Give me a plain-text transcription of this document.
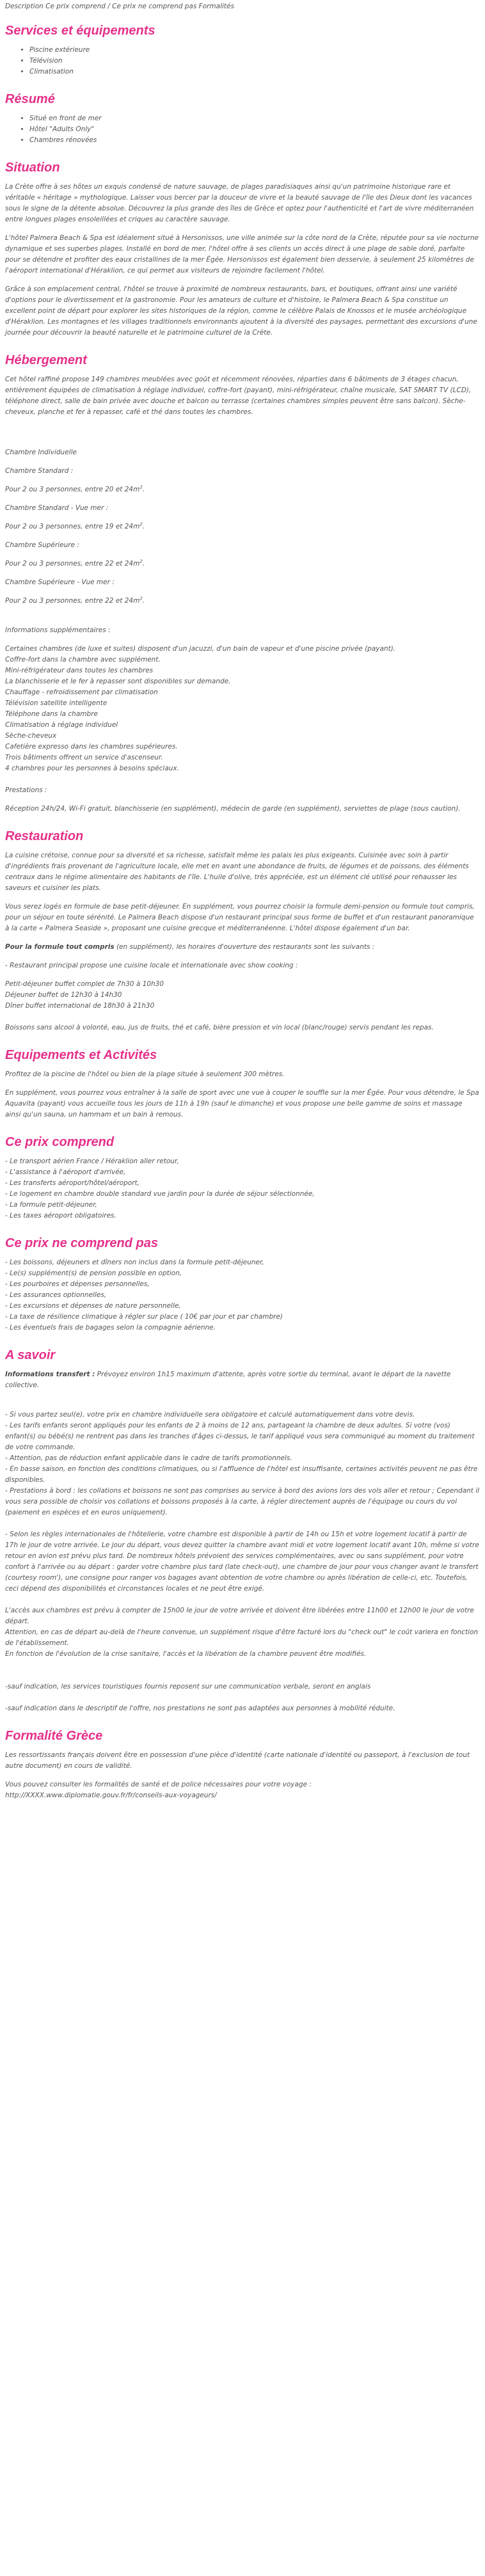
Description Ce prix comprend / Ce prix ne comprend pas Formalités
Services et équipements
• Piscine extérieure
• Télévision
• Climatisation
Résumé
• Situé en front de mer
• Hôtel "Adults Only"
• Chambres rénovées
Situation

La Crète offre à ses hôtes un exquis condensé de nature sauvage, de plages paradisiaques ainsi qu'un patrimoine historique rare et véritable « héritage » mythologique. Laisser vous bercer par la douceur de vivre et la beauté sauvage de l'île des Dieux dont les vacances sous le signe de la détente absolue. Découvrez la plus grande des îles de Grèce et optez pour l'authenticité et l'art de vivre méditerranéen entre longues plages ensoleillées et criques au caractère sauvage.

L'hôtel Palmera Beach & Spa est idéalement situé à Hersonissos, une ville animée sur la côte nord de la Crète, réputée pour sa vie nocturne dynamique et ses superbes plages. Installé en bord de mer, l'hôtel offre à ses clients un accès direct à une plage de sable doré, parfaite pour se détendre et profiter des eaux cristallines de la mer Égée. Hersonissos est également bien desservie, à seulement 25 kilomètres de l'aéroport international d'Héraklion, ce qui permet aux visiteurs de rejoindre facilement l'hôtel.

Grâce à son emplacement central, l'hôtel se trouve à proximité de nombreux restaurants, bars, et boutiques, offrant ainsi une variété d'options pour le divertissement et la gastronomie. Pour les amateurs de culture et d'histoire, le Palmera Beach & Spa constitue un excellent point de départ pour explorer les sites historiques de la région, comme le célèbre Palais de Knossos et le musée archéologique d'Héraklion. Les montagnes et les villages traditionnels environnants ajoutent à la diversité des paysages, permettant des excursions d'une journée pour découvrir la beauté naturelle et le patrimoine culturel de la Crète.

Hébergement

Cet hôtel raffiné propose 149 chambres meublées avec goût et récemment rénovées, réparties dans 6 bâtiments de 3 étages chacun, entièrement équipées de climatisation à réglage individuel, coffre-fort (payant), mini-réfrigérateur, chaîne musicale, SAT SMART TV (LCD), téléphone direct, salle de bain privée avec douche et balcon ou terrasse (certaines chambres simples peuvent être sans balcon). Sèche-cheveux, planche et fer à repasser, café et thé dans toutes les chambres.

Chambre Individuelle

Chambre Standard :

Pour 2 ou 3 personnes, entre 20 et $24m^2$.

Chambre Standard - Vue mer :

Pour 2 ou 3 personnes, entre 19 et $24m^2$.

Chambre Supérieure :

Pour 2 ou 3 personnes, entre 22 et $24m^2$.

Chambre Supérieure - Vue mer :

Pour 2 ou 3 personnes, entre 22 et $24m^2$.

Informations supplémentaires :

Certaines chambres (de luxe et suites) disposent d'un jacuzzi, d'un bain de vapeur et d'une piscine privée (payant).
Coffre-fort dans la chambre avec supplément.
Mini-réfrigérateur dans toutes les chambres
La blanchisserie et le fer à repasser sont disponibles sur demande.
Chauffage - refroidissement par climatisation
Télévision satellite intelligente
Téléphone dans la chambre
Climatisation à réglage individuel
Sèche-cheveux
Cafetière expresso dans les chambres supérieures.
Trois bâtiments offrent un service d'ascenseur.
4 chambres pour les personnes à besoins spéciaux.

Prestations :

Réception 24h/24, Wi-Fi gratuit, blanchisserie (en supplément), médecin de garde (en supplément), serviettes de plage (sous caution).

Restauration

La cuisine crétoise, connue pour sa diversité et sa richesse, satisfait même les palais les plus exigeants. Cuisinée avec soin à partir d'ingrédients frais provenant de l'agriculture locale, elle met en avant une abondance de fruits, de légumes et de poissons, des éléments centraux dans le régime alimentaire des habitants de l'île. L'huile d'olive, très appréciée, est un élément clé utilisé pour rehausser les saveurs et cuisiner les plats.

Vous serez logés en formule de base petit-déjeuner. En supplément, vous pourrez choisir la formule demi-pension ou formule tout compris, pour un séjour en toute sérénité. Le Palmera Beach dispose d'un restaurant principal sous forme de buffet et d'un restaurant panoramique à la carte « Palmera Seaside », proposant une cuisine grecque et méditerranéenne. L'hôtel dispose également d'un bar.

Pour la formule tout compris (en supplément), les horaires d'ouverture des restaurants sont les suivants :

- Restaurant principal propose une cuisine locale et internationale avec show cooking :

Petit-déjeuner buffet complet de 7h30 à 10h30
Déjeuner buffet de 12h30 à 14h30
Dîner buffet international de 18h30 à 21h30

Boissons sans alcool à volonté, eau, jus de fruits, thé et café, bière pression et vin local (blanc/rouge) servis pendant les repas.

Equipements et Activités

Profitez de la piscine de l'hôtel ou bien de la plage située à seulement 300 mètres.

En supplément, vous pourrez vous entraîner à la salle de sport avec une vue à couper le souffle sur la mer Égée. Pour vous détendre, le Spa Aquavita (payant) vous accueille tous les jours de 11h à 19h (sauf le dimanche) et vous propose une belle gamme de soins et massage ainsi qu'un sauna, un hammam et un bain à remous.

Ce prix comprend
- Le transport aérien France / Héraklion aller retour,
- L'assistance à l'aéroport d'arrivée,
- Les transferts aéroport/hôtel/aéroport,
- Le logement en chambre double standard vue jardin pour la durée de séjour sélectionnée,
- La formule petit-déjeuner,
- Les taxes aéroport obligatoires.
Ce prix ne comprend pas
- Les boissons, déjeuners et dîners non inclus dans la formule petit-déjeuner,
- Le(s) supplément(s) de pension possible en option,
- Les pourboires et dépenses personnelles,
- Les assurances optionnelles,
- Les excursions et dépenses de nature personnelle,
- La taxe de résilience climatique à régler sur place ( 10€ par jour et par chambre)
- Les éventuels frais de bagages selon la compagnie aérienne.
A savoir

Informations transfert : Prévoyez environ 1h15 maximum d'attente, après votre sortie du terminal, avant le départ de la navette collective.

- Si vous partez seul(e), votre prix en chambre individuelle sera obligatoire et calculé automatiquement dans votre devis.
- Les tarifs enfants seront appliqués pour les enfants de 2 à moins de 12 ans, partageant la chambre de deux adultes. Si votre (vos) enfant(s) ou bébé(s) ne rentrent pas dans les tranches d'âges ci-dessus, le tarif appliqué vous sera communiqué au moment du traitement de votre commande.
- Attention, pas de réduction enfant applicable dans le cadre de tarifs promotionnels.
- En basse saison, en fonction des conditions climatiques, ou si l'affluence de l'hôtel est insuffisante, certaines activités peuvent ne pas être disponibles.
- Prestations à bord : les collations et boissons ne sont pas comprises au service à bord des avions lors des vols aller et retour ; Cependant il vous sera possible de choisir vos collations et boissons proposés à la carte, à régler directement auprès de l'équipage ou cours du vol (paiement en espèces et en euros uniquement).
- Selon les règles internationales de l'hôtellerie, votre chambre est disponible à partir de 14h ou 15h et votre logement locatif à partir de 17h le jour de votre arrivée. Le jour du départ, vous devez quitter la chambre avant midi et votre logement locatif avant 10h, même si votre retour en avion est prévu plus tard. De nombreux hôtels prévoient des services complémentaires, avec ou sans supplément, pour votre confort à l'arrivée ou au départ : garder votre chambre plus tard (late check-out), une chambre de jour pour vous changer avant le transfert (courtesy room'), une consigne pour ranger vos bagages avant obtention de votre chambre ou après libération de celle-ci, etc. Toutefois, ceci dépend des disponibilités et circonstances locales et ne peut être exigé.
L'accès aux chambres est prévu à compter de 15h00 le jour de votre arrivée et doivent être libérées entre 11h00 et 12h00 le jour de votre départ.
Attention, en cas de départ au-delà de l'heure convenue, un supplément risque d'être facturé lors du "check out" le coût variera en fonction de l'établissement.
En fonction de l'évolution de la crise sanitaire, l'accès et la libération de la chambre peuvent être modifiés.
-sauf indication, les services touristiques fournis reposent sur une communication verbale, seront en anglais
-sauf indication dans le descriptif de l'offre, nos prestations ne sont pas adaptées aux personnes à mobilité réduite.
Formalité Grèce

Les ressortissants français doivent être en possession d'une pièce d'identité (carte nationale d'identité ou passeport, à l'exclusion de tout autre document) en cours de validité.

Vous pouvez consulter les formalités de santé et de police nécessaires pour votre voyage :
http://XXXX.www.diplomatie.gouv.fr/fr/conseils-aux-voyageurs/
